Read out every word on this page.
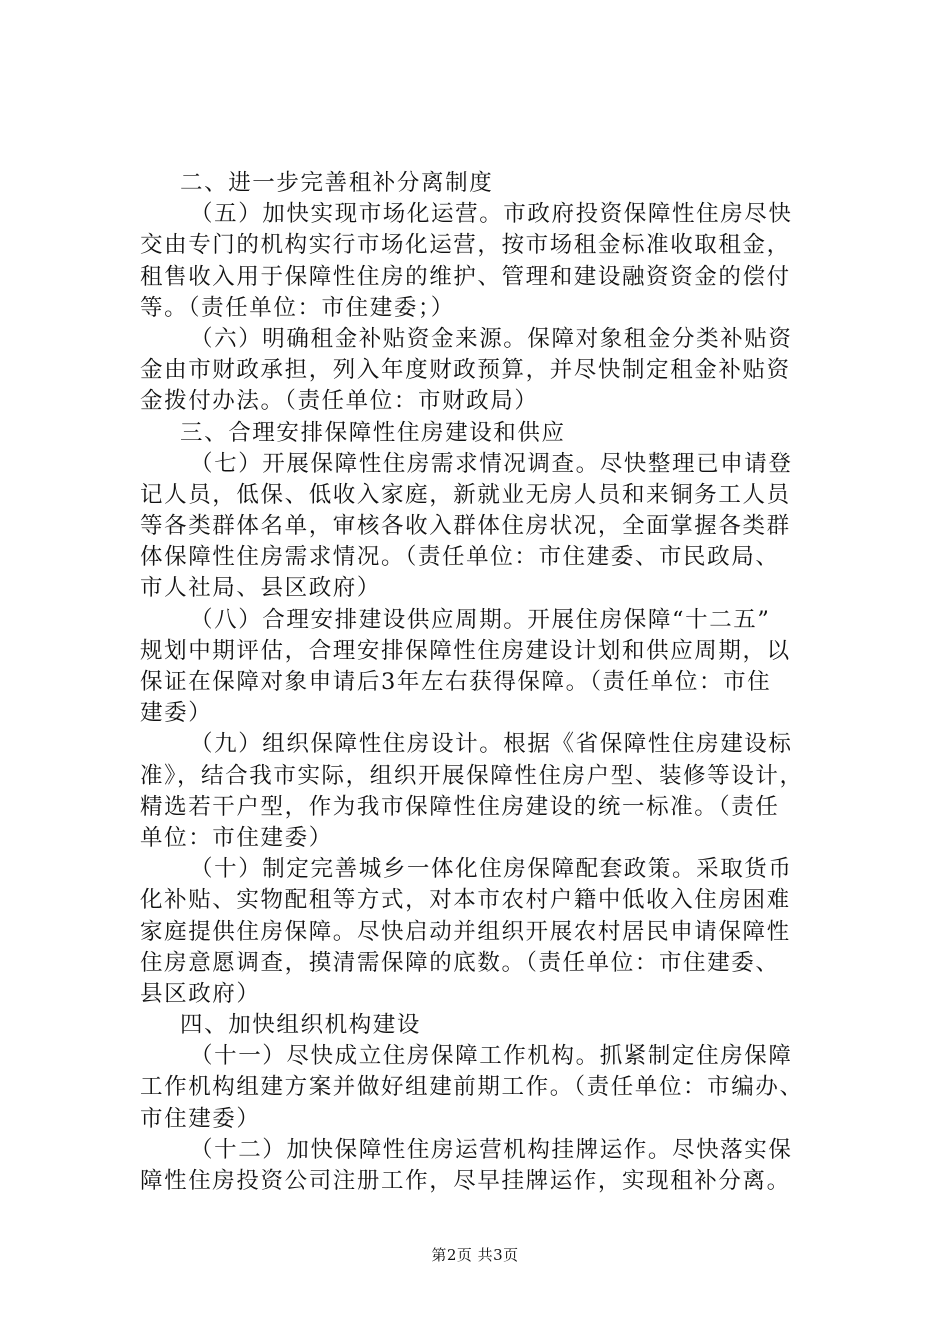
二、进一步完善租补分离制度
（五）加快实现市场化运营。市政府投资保障性住房尽快
交由专门的机构实行市场化运营，按市场租金标准收取租金，
租售收入用于保障性住房的维护、管理和建设融资资金的偿付
等。（责任单位：市住建委；）
（六）明确租金补贴资金来源。保障对象租金分类补贴资
金由市财政承担，列入年度财政预算，并尽快制定租金补贴资
金拨付办法。（责任单位：市财政局）
三、合理安排保障性住房建设和供应
（七）开展保障性住房需求情况调查。尽快整理已申请登
记人员，低保、低收入家庭，新就业无房人员和来铜务工人员
等各类群体名单，审核各收入群体住房状况，全面掌握各类群
体保障性住房需求情况。（责任单位：市住建委、市民政局、
市人社局、县区政府）
（八）合理安排建设供应周期。开展住房保障“十二五”
规划中期评估，合理安排保障性住房建设计划和供应周期，以
保证在保障对象申请后3年左右获得保障。（责任单位：市住
建委）
（九）组织保障性住房设计。根据《省保障性住房建设标
准》，结合我市实际，组织开展保障性住房户型、装修等设计，
精选若干户型，作为我市保障性住房建设的统一标准。（责任
单位：市住建委）
（十）制定完善城乡一体化住房保障配套政策。采取货币
化补贴、实物配租等方式，对本市农村户籍中低收入住房困难
家庭提供住房保障。尽快启动并组织开展农村居民申请保障性
住房意愿调查，摸清需保障的底数。（责任单位：市住建委、
县区政府）
四、加快组织机构建设
（十一）尽快成立住房保障工作机构。抓紧制定住房保障
工作机构组建方案并做好组建前期工作。（责任单位：市编办、
市住建委）
（十二）加快保障性住房运营机构挂牌运作。尽快落实保
障性住房投资公司注册工作，尽早挂牌运作，实现租补分离。
第2页 共3页
